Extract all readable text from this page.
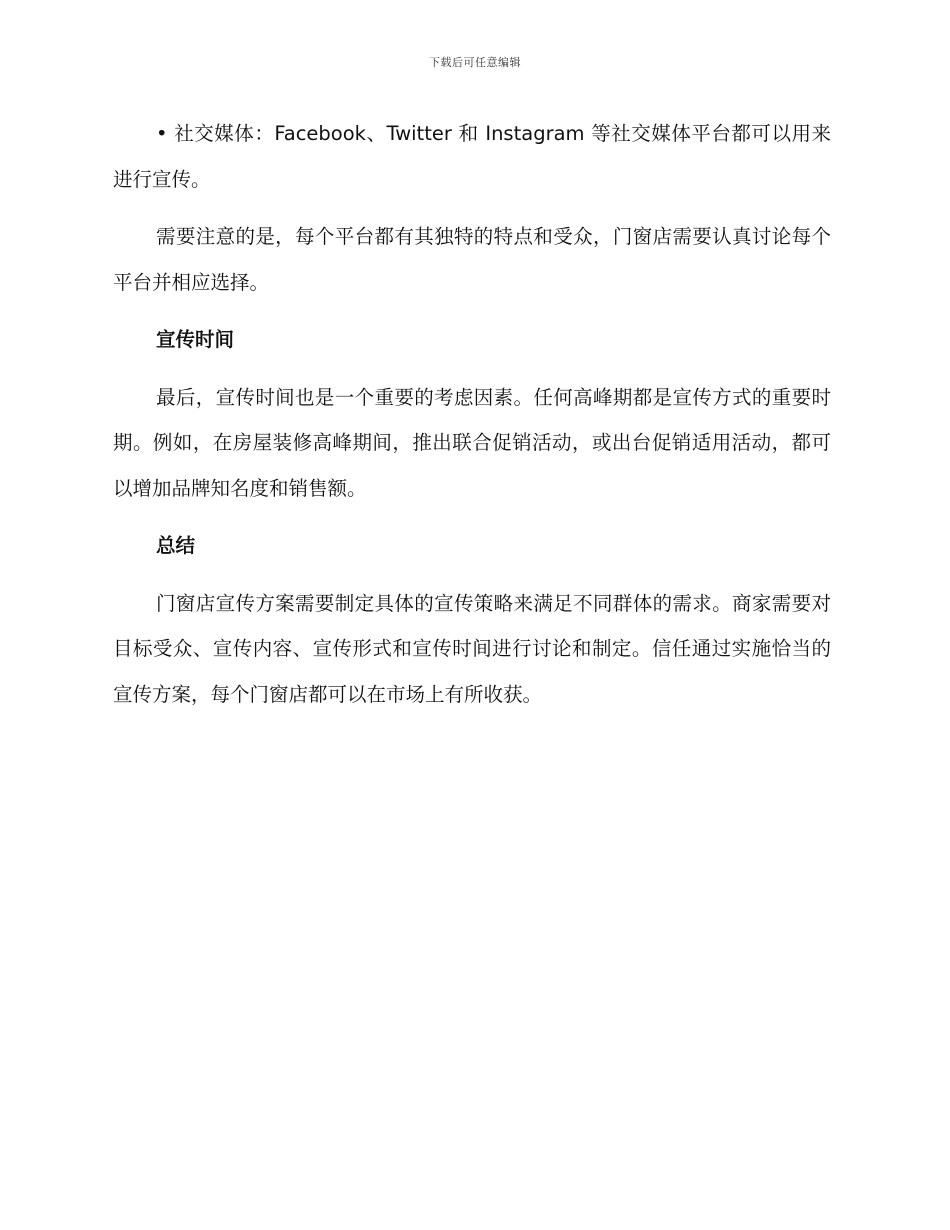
下载后可任意编辑

• 社交媒体：Facebook、Twitter 和 Instagram 等社交媒体平台都可以用来进行宣传。

需要注意的是，每个平台都有其独特的特点和受众，门窗店需要认真讨论每个平台并相应选择。

宣传时间

最后，宣传时间也是一个重要的考虑因素。任何高峰期都是宣传方式的重要时期。例如，在房屋装修高峰期间，推出联合促销活动，或出台促销适用活动，都可以增加品牌知名度和销售额。

总结

门窗店宣传方案需要制定具体的宣传策略来满足不同群体的需求。商家需要对目标受众、宣传内容、宣传形式和宣传时间进行讨论和制定。信任通过实施恰当的宣传方案，每个门窗店都可以在市场上有所收获。
